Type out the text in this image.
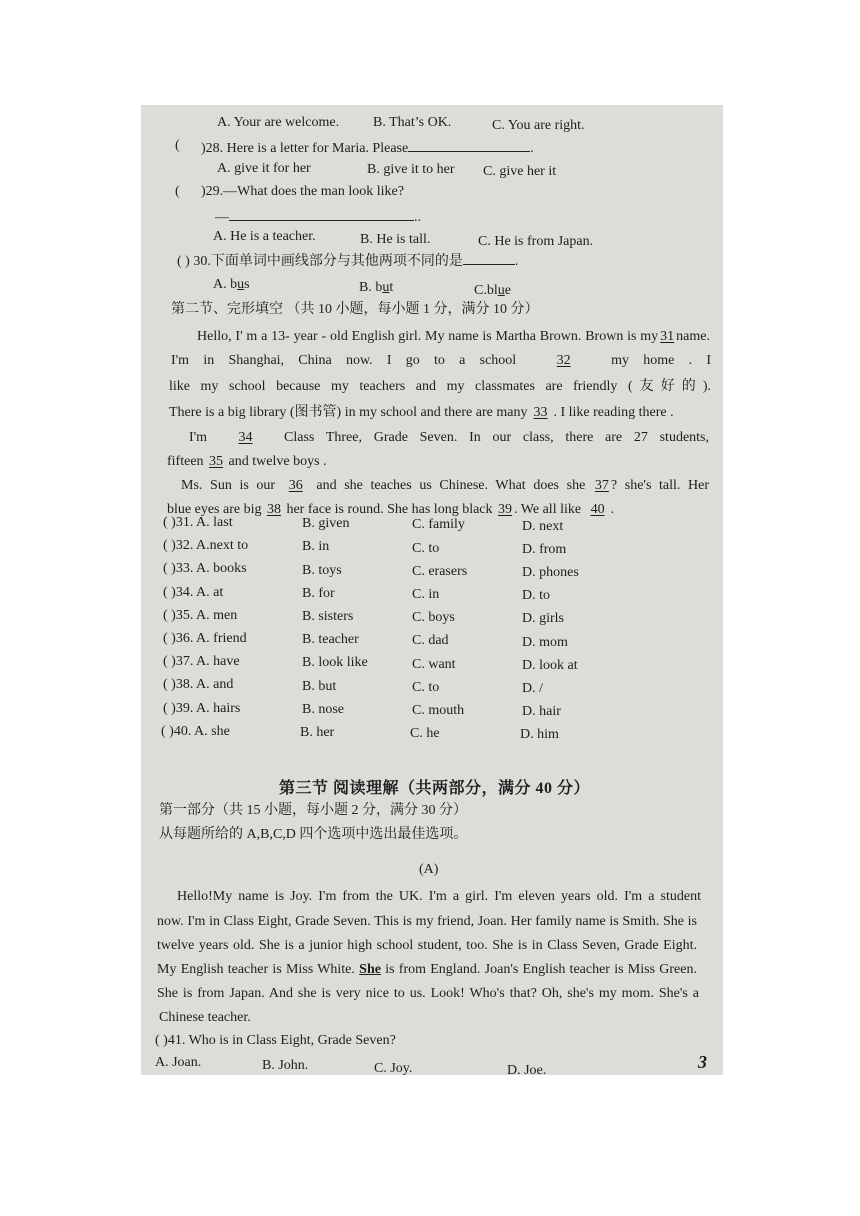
A. Your are welcome. B. That’s OK.	C. You are right.
( )28. Here is a letter for Maria. Please	.
A. give it for her	B. give it to her C. give her it
( )29.—What does the man look like?
—	..
A. He is a teacher.	B. He is tall.	C. He is from Japan.
( ) 30.下面单词中画线部分与其他两项不同的是	.
A. bus	B. but	C.blue
第二节、完形填空 （共 10 小题，每小题 1 分，满分 10 分）
Hello, I' m a 13- year - old English girl. My name is Martha Brown. Brown is my 31 name.
I'm in Shanghai, China now. I go to a school	32	my home . I
like my school because my teachers and my classmates are friendly (友好的).
There is a big library (图书管) in my school and there are many 33 . I like reading there .
I'm 34 Class Three, Grade Seven. In our class, there are 27 students,
fifteen 35 and twelve boys .
Ms. Sun is our 36 and she teaches us Chinese. What does she 37 ? she's tall. Her
blue eyes are big 38 her face is round. She has long black 39 . We all like 40 .
( )31. A. last	B. given	C. family	D. next
( )32. A.next to	B. in	C. to	D. from
( )33. A. books	B. toys	C. erasers	D. phones
( )34. A. at	B. for	C. in	D. to
( )35. A. men	B. sisters	C. boys	D. girls
( )36. A. friend	B. teacher	C. dad	D. mom
( )37. A. have	B. look like	C. want	D. look at
( )38. A. and	B. but	C. to	D. /
( )39. A. hairs	B. nose	C. mouth	D. hair
( )40. A. she	B. her	C. he	D. him
第三节 阅读理解（共两部分，满分 40 分）
第一部分（共 15 小题，每小题 2 分，满分 30 分）
从每题所给的 A,B,C,D 四个选项中选出最佳选项。
(A)
Hello!My name is Joy. I'm from the UK. I'm a girl. I'm eleven years old. I'm a student
now. I'm in Class Eight, Grade Seven. This is my friend, Joan. Her family name is Smith. She is
twelve years old. She is a junior high school student, too. She is in Class Seven, Grade Eight.
My English teacher is Miss White. She is from England. Joan's English teacher is Miss Green.
She is from Japan. And she is very nice to us. Look! Who's that? Oh, she's my mom. She's a
Chinese teacher.
( )41. Who is in Class Eight, Grade Seven?
A. Joan.	B. John.	C. Joy.	D. Joe.	3
